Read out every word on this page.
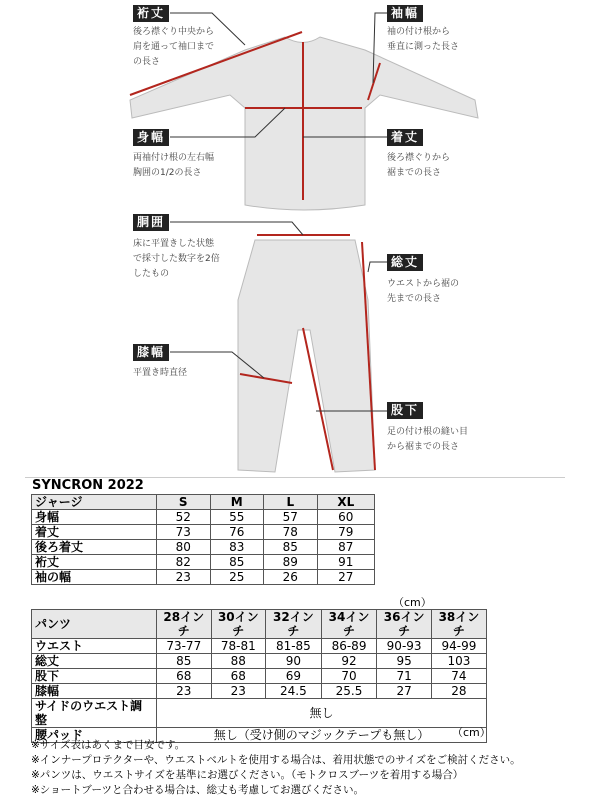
裄丈
後ろ襟ぐり中央から
肩を通って袖口まで
の長さ
袖幅
袖の付け根から
垂直に測った長さ
身幅
両袖付け根の左右幅
胸囲の1/2の長さ
着丈
後ろ襟ぐりから
裾までの長さ
胴囲
床に平置きした状態
で採寸した数字を2倍
したもの
総丈
ウエストから裾の
先までの長さ
膝幅
平置き時直径
股下
足の付け根の縫い目
から裾までの長さ
SYNCRON 2022
ジャージ	S	M	L	XL
身幅	52	55	57	60
着丈	73	76	78	79
後ろ着丈	80	83	85	87
裄丈	82	85	89	91
袖の幅	23	25	26	27
（cm）
パンツ	28インチ	30インチ	32インチ	34インチ	36インチ	38インチ
ウエスト	73-77	78-81	81-85	86-89	90-93	94-99
総丈	85	88	90	92	95	103
股下	68	68	69	70	71	74
膝幅	23	23	24.5	25.5	27	28
サイドのウエスト調整	無し					
腰パッド	無し（受け側のマジックテープも無し）					（cm）
※サイズ表はあくまで目安です。
※インナープロテクターや、ウエストベルトを使用する場合は、着用状態でのサイズをご検討ください。
※パンツは、ウエストサイズを基準にお選びください。（モトクロスブーツを着用する場合）
※ショートブーツと合わせる場合は、総丈も考慮してお選びください。
